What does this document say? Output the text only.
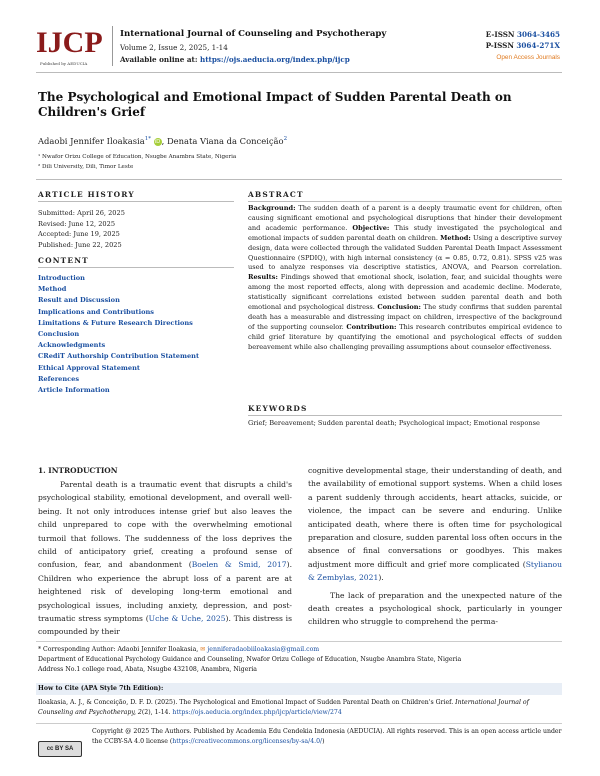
IJCP
Published by AEDUCIA
International Journal of Counseling and Psychotherapy
Volume 2, Issue 2, 2025, 1-14
Available online at: https://ojs.aeducia.org/index.php/ijcp
E-ISSN 3064-3465
P-ISSN 3064-271X
Open Access Journals
The Psychological and Emotional Impact of Sudden Parental Death on Children's Grief
Adaobi Jennifer Iloakasia$^{1*}$ iD, Denata Viana da Conceição$^2$
¹ Nwafor Orizu College of Education, Nsugbe Anambra State, Nigeria
² Dili University, Dili, Timor Leste
ARTICLE HISTORY
Submitted: April 26, 2025
Revised: June 12, 2025
Accepted: June 19, 2025
Published: June 22, 2025
CONTENT
Introduction
Method
Result and Discussion
Implications and Contributions
Limitations & Future Research Directions
Conclusion
Acknowledgments
CRediT Authorship Contribution Statement
Ethical Approval Statement
References
Article Information
ABSTRACT
Background: The sudden death of a parent is a deeply traumatic event for children, often causing significant emotional and psychological disruptions that hinder their development and academic performance. Objective: This study investigated the psychological and emotional impacts of sudden parental death on children. Method: Using a descriptive survey design, data were collected through the validated Sudden Parental Death Impact Assessment Questionnaire (SPDIQ), with high internal consistency (α = 0.85, 0.72, 0.81). SPSS v25 was used to analyze responses via descriptive statistics, ANOVA, and Pearson correlation. Results: Findings showed that emotional shock, isolation, fear, and suicidal thoughts were among the most reported effects, along with depression and academic decline. Moderate, statistically significant correlations existed between sudden parental death and both emotional and psychological distress. Conclusion: The study confirms that sudden parental death has a measurable and distressing impact on children, irrespective of the background of the supporting counselor. Contribution: This research contributes empirical evidence to child grief literature by quantifying the emotional and psychological effects of sudden bereavement while also challenging prevailing assumptions about counselor effectiveness.
KEYWORDS
Grief; Bereavement; Sudden parental death; Psychological impact; Emotional response
1. INTRODUCTION
Parental death is a traumatic event that disrupts a child's psychological stability, emotional development, and overall well-being. It not only introduces intense grief but also leaves the child unprepared to cope with the overwhelming emotional turmoil that follows. The suddenness of the loss deprives the child of anticipatory grief, creating a profound sense of confusion, fear, and abandonment (Boelen & Smid, 2017). Children who experience the abrupt loss of a parent are at heightened risk of developing long-term emotional and psychological issues, including anxiety, depression, and post-traumatic stress symptoms (Uche & Uche, 2025). This distress is compounded by their
cognitive developmental stage, their understanding of death, and the availability of emotional support systems. When a child loses a parent suddenly through accidents, heart attacks, suicide, or violence, the impact can be severe and enduring. Unlike anticipated death, where there is often time for psychological preparation and closure, sudden parental loss often occurs in the absence of final conversations or goodbyes. This makes adjustment more difficult and grief more complicated (Stylianou & Zembylas, 2021).
The lack of preparation and the unexpected nature of the death creates a psychological shock, particularly in younger children who struggle to comprehend the perma-
* Corresponding Author: Adaobi Jennifer Iloakasia, ✉ jenniferadaobiiloakasia@gmail.com
Department of Educational Psychology Guidance and Counseling, Nwafor Orizu College of Education, Nsugbe Anambra State, Nigeria
Address No.1 college road, Abata, Nsugbe 432108, Anambra, Nigeria
How to Cite (APA Style 7th Edition):
Iloakasia, A. J., & Conceição, D. F. D. (2025). The Psychological and Emotional Impact of Sudden Parental Death on Children's Grief. International Journal of Counseling and Psychotherapy, 2(2), 1-14. https://ojs.aeducia.org/index.php/ijcp/article/view/274
cc BY SA
Copyright @ 2025 The Authors. Published by Academia Edu Cendekia Indonesia (AEDUCIA). All rights reserved. This is an open access article under the CCBY-SA 4.0 license (https://creativecommons.org/licenses/by-sa/4.0/)
